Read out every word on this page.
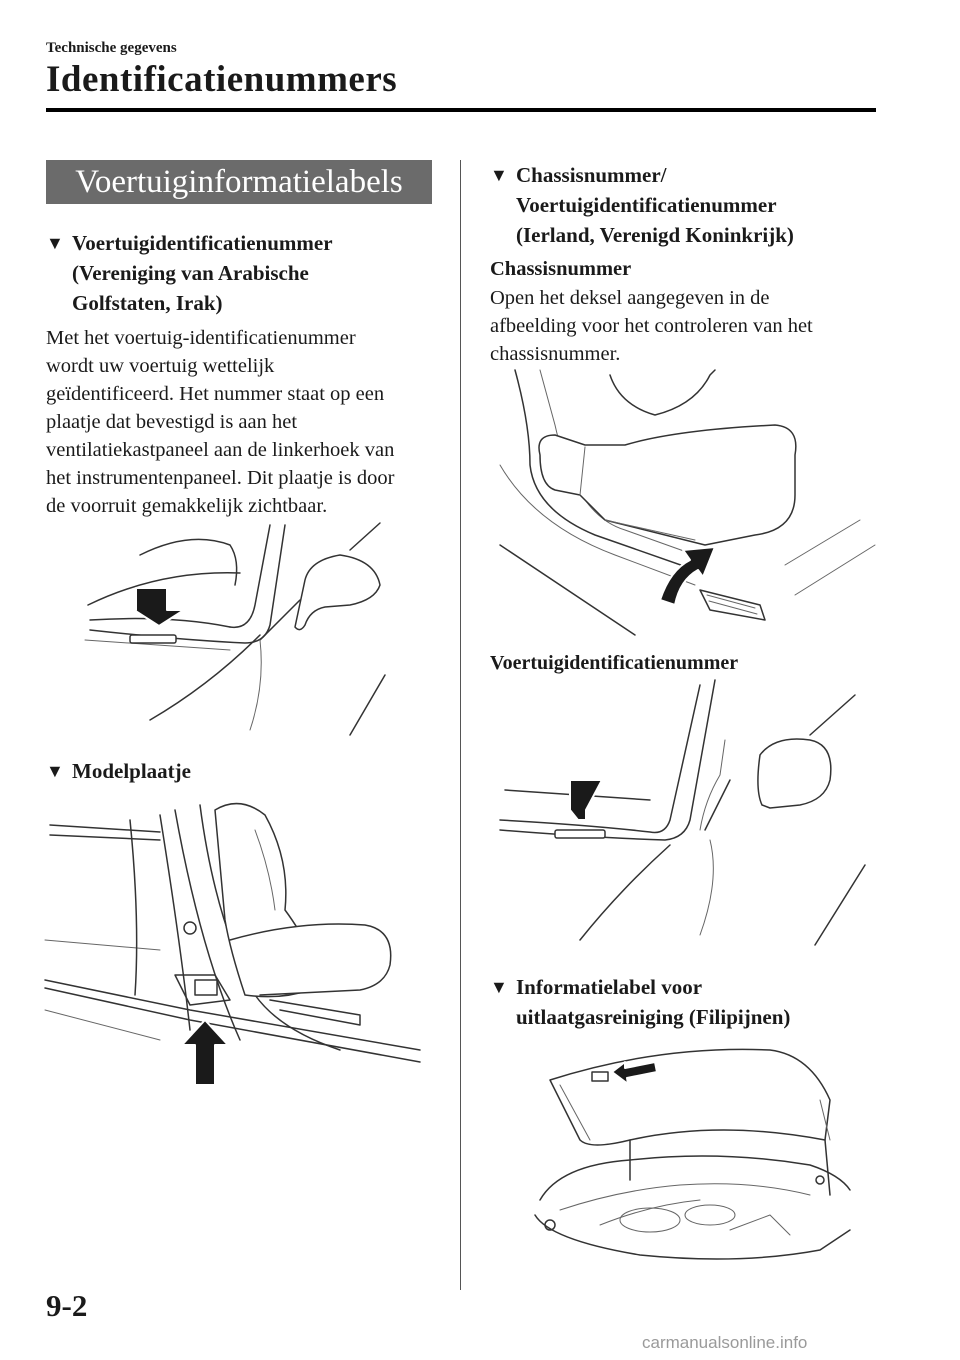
Technische gegevens
Identificatienummers
Voertuiginformatielabels
▼ Voertuigidentificatienummer
(Vereniging van Arabische
Golfstaten, Irak)
Met het voertuig-identificatienummer
wordt uw voertuig wettelijk
geïdentificeerd. Het nummer staat op een
plaatje dat bevestigd is aan het
ventilatiekastpaneel aan de linkerhoek van
het instrumentenpaneel. Dit plaatje is door
de voorruit gemakkelijk zichtbaar.
▼ Modelplaatje
▼ Chassisnummer/
Voertuigidentificatienummer
(Ierland, Verenigd Koninkrijk)
Chassisnummer
Open het deksel aangegeven in de
afbeelding voor het controleren van het
chassisnummer.
Voertuigidentificatienummer
▼ Informatielabel voor
uitlaatgasreiniging (Filipijnen)
9-2
carmanualsonline.info
